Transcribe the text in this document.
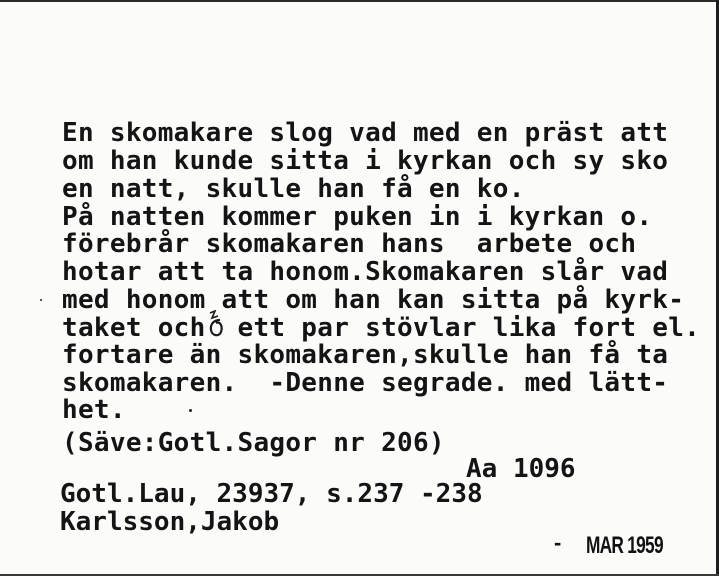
En skomakare slog vad med en präst att
om han kunde sitta i kyrkan och sy sko
en natt, skulle han få en ko.
På natten kommer puken in i kyrkan o.
förebrår skomakaren hans  arbete och
hotar att ta honom.Skomakaren slår vad
med honom att om han kan sitta på kyrk-
taket och  ett par stövlar lika fort el.
fortare än skomakaren,skulle han få ta
skomakaren.  -Denne segrade. med lätt-
het.
(Säve:Gotl.Sagor nr 206)
Aa 1096
Gotl.Lau, 23937, s.237 -238
Karlsson,Jakob
- MAR 1959
